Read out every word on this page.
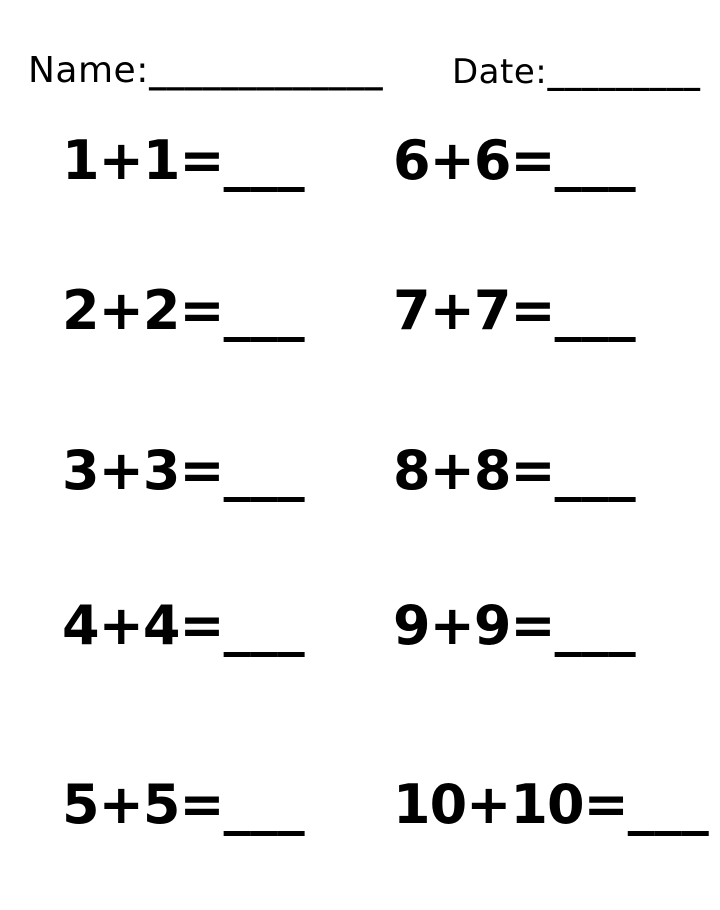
Name:_____________ Date:_________
1+1=___ 6+6=___
2+2=___ 7+7=___
3+3=___ 8+8=___
4+4=___ 9+9=___
5+5=___ 10+10=___
